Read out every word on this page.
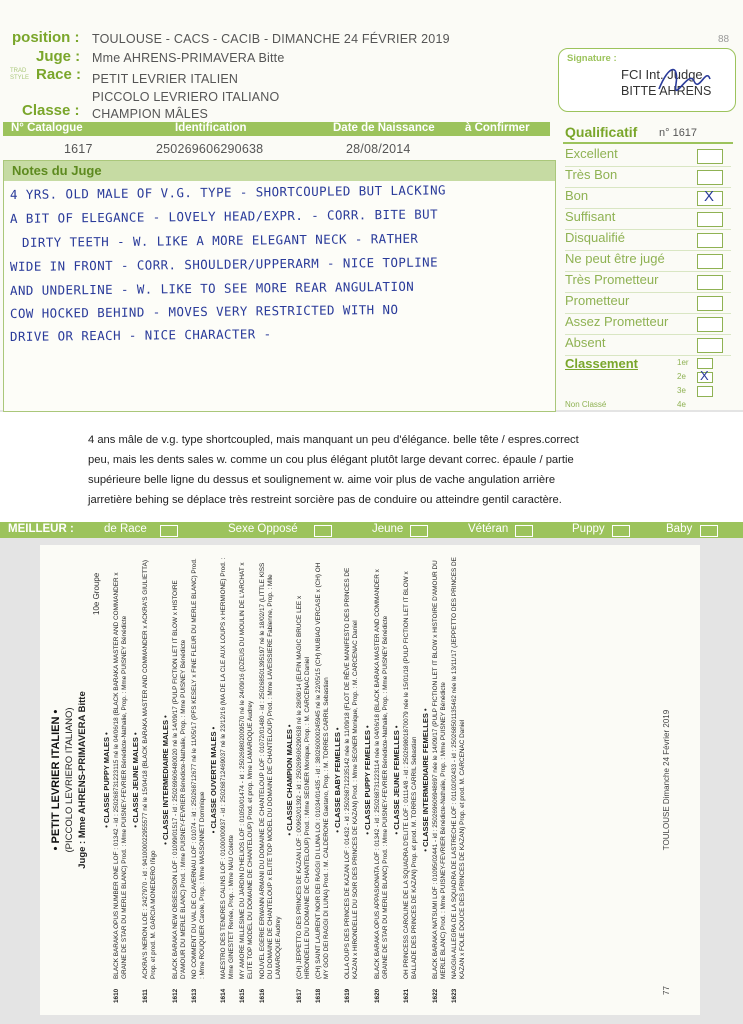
position : TOULOUSE - CACS - CACIB - DIMANCHE 24 FÉVRIER 2019	88
Juge : Mme AHRENS-PRIMAVERA Bitte
TRAD STYLE Race : PETIT LEVRIER ITALIEN
PICCOLO LEVRIERO ITALIANO
Classe : CHAMPION MÂLES
Signature :
FCI Int. Judge
BITTE AHRENS
N° Catalogue	Identification	Date de Naissance	à Confirmer
1617	250269606290638	28/08/2014
Notes du Juge
4 YRS. OLD MALE OF V.G. TYPE - SHORTCOUPLED BUT LACKING
A BIT OF ELEGANCE - LOVELY HEAD/EXPR. - CORR. BITE BUT
DIRTY TEETH - W. LIKE A MORE ELEGANT NECK - RATHER
WIDE IN FRONT - CORR. SHOULDER/UPPERARM - NICE TOPLINE
AND UNDERLINE - W. LIKE TO SEE MORE REAR ANGULATION
COW HOCKED BEHIND - MOVES VERY RESTRICTED WITH NO
DRIVE OR REACH - NICE CHARACTER -
Qualificatif n° 1617
Excellent
Très Bon
Bon	X
Suffisant
Disqualifié
Ne peut être jugé
Très Prometteur
Prometteur
Assez Prometteur
Absent
Classement	1er
2e X
3e
Non Classé	4e
4 ans mâle de v.g. type shortcoupled, mais manquant un peu d'élégance. belle tête / espres.correct
peu, mais les dents sales w. comme un cou plus élégant plutôt large devant correc. épaule / partie
supérieure belle ligne du dessus et soulignement w. aime voir plus de vache angulation arrière
jarretière behing se déplace très restreint sorcière pas de conduire ou atteindre gentil caractère.
MEILLEUR :	de Race	Sexe Opposé	Jeune	Vétéran	Puppy	Baby
• PETIT LEVRIER ITALIEN • (PICCOLO LEVRIERO ITALIANO) Juge : Mme AHRENS-PRIMAVERA Bitte
10e Groupe
• CLASSE PUPPY MALES •
1610BLACK BARAKA OPUS NUMBER ONE LOF : 01342 - id : 250268731223115 né le 04/06/18 (BLACK BARAKA MASTER AND COMMANDER x GRAINE DE STAR DU MERLE BLANC) Prod. : Mme PUISNEY-FEVRIER Bénédicte-Nathalie, Prop. : Mme PUISNEY Bénédicte • CLASSE JEUNE MALES •
1611ACKRA'S NERON LOE : 2427970 - id : 941000022955577 né le 15/04/18 (BLACK BARAKA MASTER AND COMMANDER x ACKRA'S GIULIETTA) Prop. et prod. M. GARCIA MONEDERO Iñigo
• CLASSE INTERMEDIAIRE MALES •
1612BLACK BARAKA NEW OBSESSION LOF : 01099/01517 - id : 250269606480020 né le 14/09/17 (PULP FICTION LET IT BLOW x HISTOIRE D'AMOUR DU MERLE BLANC) Prod. : Mme PUISNEY-FEVRIER Bénédicte-Nathalie, Prop. : Mme PUISNEY Bénédicte
1613NO COMMENT DU VAL DE CLAVERNAU LOF : 01074 - id : 250268712677 né le 11/05/17 (PFS KESELY x FINE FLEUR DU MERLE BLANC) Prod. : Mme ROUQUIER Carole, Prop. : Mme MASSONNET Dominique
• CLASSE OUVERTE MALES •
1614MAESTRO DES TENDRES CALINS LOF : 01000/00937 - id : 250268712469037 né le 23/12/16 (MA DE LA CLE AUX LOUPS x HERMIONE) Prod. : Mme GINESTET Renée, Prop. : Mme NAU Colette
1615MY AMORE MILLESIME DU JARDIN D'HELIOS LOF : 01050/01474 - id : 250269802009570 né le 24/09/16 (DZEUS DU MOULIN DE L'ARCHAT x ELITE TOP MODEL DU DOMAINE DE CHANTELOUP) Prod. et prop. Mme LAMAROQUE Audrey
1616NOUVEL EGERIE ERWANN ARMANI DU DOMAINE DE CHANTELOUP LOF : 01072/01480 - id : 250268501395197 né le 18/02/17 (LITTLE KISS DU DOMAINE DE CHANTELOUP x ELITE TOP MODEL DU DOMAINE DE CHANTELOUP) Prod. : Mme LAVEISSIERE Fabienne, Prop. : Mlle LAMAROQUE Audrey
• CLASSE CHAMPION MALES •
1617(CH) JEPPETTO DES PRINCES DE KAZAN LOF : 00962/01392 - id : 250269606290638 né le 28/08/14 (ELFIN MAGIC BRUCE LEE x HIRONDELLE DU DOMAINE DE CHANTELOUP) Prod. : Mme SEGNER Monique, Prop. : M. CARCENAC Daniel
1618(CH) SAINT LAURENT NOIR DEI RAGGI DI LUNA LOI : 01034/01435 - id : 380260000245945 né le 22/05/15 (CH) NUBIAO VERCASE x (CH) OH MY GOD DEI RAGGI DI LUNA) Prod. : M. CALDERONE Gaetano, Prop. : M. TORRES CARRIL Sebastian • CLASSE BABY FEMELLES •
1619OLLA OUPS DES PRINCES DE KAZAN LOF : 01432 - id : 250268712235142 née le 11/09/18 (FLOT DE RÊVE MANIFESTO DES PRINCES DE KAZAN x HIRONDELLE DU SOIR DES PRINCES DE KAZAN) Prod. : Mme SEGNER Monique, Prop. : M. CARCENAC Daniel • CLASSE PUPPY FEMELLES •
1620BLACK BARAKA OPUS APPASIONATA LOF : 01342 - id : 250268731223114 née le 04/06/18 (BLACK BARAKA MASTER AND COMMANDER x GRAINE DE STAR DU MERLE BLANC) Prod. : Mme PUISNEY-FEVRIER Bénédicte-Nathalie, Prop. : Mme PUISNEY Bénédicte • CLASSE JEUNE FEMELLES •
1621OH PRINCESS CAROLINE DE LA SQUADRA D'ELITE LOF : 01114/8 - id : 250269801870079 née le 15/01/18 (PULP FICTION LET IT BLOW x BALLADE DES PRINCES DE KAZAN) Prop. et prod. M. TORRES CARRIL Sebastian • CLASSE INTERMEDIAIRE FEMELLES •
1622BLACK BARAKA NATSUMI LOF : 01095/02441 - id : 250269606948697 née le 14/09/17 (PULP FICTION LET IT BLOW x HISTOIRE D'AMOUR DU MERLE BLANC) Prod. : Mme PUISNEY-FEVRIER Bénédicte-Nathalie, Prop. : Mme PUISNEY Bénédicte
1623NAGGIA ALLEGRA DE LA SQUADRA DE LASTRECHE LOF : 01102/02433 - id : 250268501135462 née le 13/11/17 (JEPPETTO DES PRINCES DE KAZAN x FOLIE DOUCE DES PRINCES DE KAZAN) Prop. et prod. M. CARCENAC Daniel	TOULOUSE Dimanche 24 Février 2019
77
